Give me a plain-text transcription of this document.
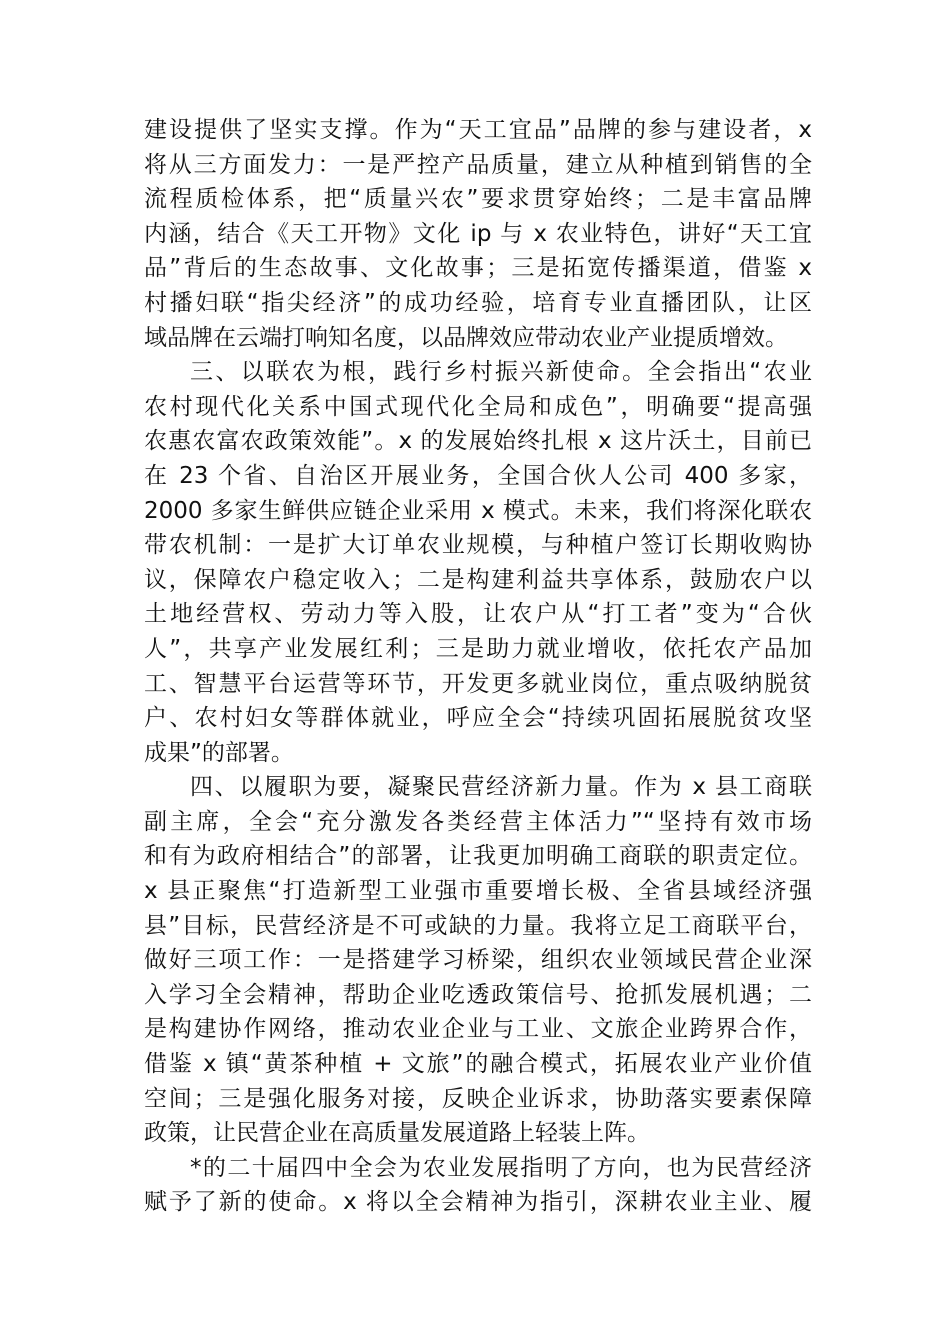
建设提供了坚实支撑。作为“天工宜品”品牌的参与建设者，x
将从三方面发力：一是严控产品质量，建立从种植到销售的全
流程质检体系，把“质量兴农”要求贯穿始终；二是丰富品牌
内涵，结合《天工开物》文化 ip 与 x 农业特色，讲好“天工宜
品”背后的生态故事、文化故事；三是拓宽传播渠道，借鉴 x
村播妇联“指尖经济”的成功经验，培育专业直播团队，让区
域品牌在云端打响知名度，以品牌效应带动农业产业提质增效。
三、以联农为根，践行乡村振兴新使命。全会指出“农业
农村现代化关系中国式现代化全局和成色”，明确要“提高强
农惠农富农政策效能”。x 的发展始终扎根 x 这片沃土，目前已
在 23 个省、自治区开展业务，全国合伙人公司 400 多家，
2000 多家生鲜供应链企业采用 x 模式。未来，我们将深化联农
带农机制：一是扩大订单农业规模，与种植户签订长期收购协
议，保障农户稳定收入；二是构建利益共享体系，鼓励农户以
土地经营权、劳动力等入股，让农户从“打工者”变为“合伙
人”，共享产业发展红利；三是助力就业增收，依托农产品加
工、智慧平台运营等环节，开发更多就业岗位，重点吸纳脱贫
户、农村妇女等群体就业，呼应全会“持续巩固拓展脱贫攻坚
成果”的部署。
四、以履职为要，凝聚民营经济新力量。作为 x 县工商联
副主席，全会“充分激发各类经营主体活力”“坚持有效市场
和有为政府相结合”的部署，让我更加明确工商联的职责定位。
x 县正聚焦“打造新型工业强市重要增长极、全省县域经济强
县”目标，民营经济是不可或缺的力量。我将立足工商联平台，
做好三项工作：一是搭建学习桥梁，组织农业领域民营企业深
入学习全会精神，帮助企业吃透政策信号、抢抓发展机遇；二
是构建协作网络，推动农业企业与工业、文旅企业跨界合作，
借鉴 x 镇“黄茶种植 + 文旅”的融合模式，拓展农业产业价值
空间；三是强化服务对接，反映企业诉求，协助落实要素保障
政策，让民营企业在高质量发展道路上轻装上阵。
*的二十届四中全会为农业发展指明了方向，也为民营经济
赋予了新的使命。x 将以全会精神为指引，深耕农业主业、履
